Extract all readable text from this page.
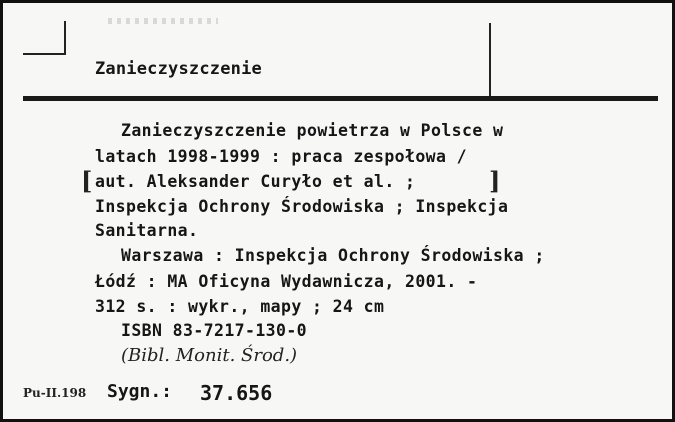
Zanieczyszczenie
Zanieczyszczenie powietrza w Polsce w
latach 1998-1999 : praca zespołowa /
[ aut. Aleksander Curyło et al. ;	]
Inspekcja Ochrony Środowiska ; Inspekcja
Sanitarna.
Warszawa : Inspekcja Ochrony Środowiska ;
Łódź : MA Oficyna Wydawnicza, 2001. -
312 s. : wykr., mapy ; 24 cm
ISBN 83-7217-130-0
(Bibl. Monit. Środ.)
Pu-II.198 Sygn.: 37.656
